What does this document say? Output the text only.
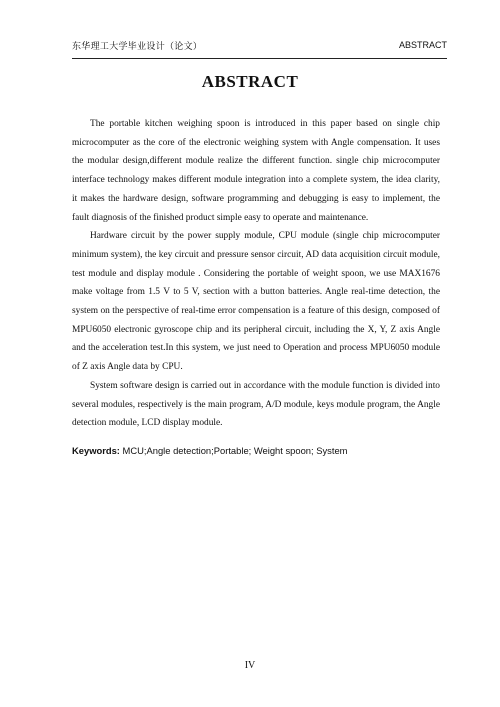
东华理工大学毕业设计（论文）	ABSTRACT
ABSTRACT

The portable kitchen weighing spoon is introduced in this paper based on single chip microcomputer as the core of the electronic weighing system with Angle compensation. It uses the modular design,different module realize the different function. single chip microcomputer interface technology makes different module integration into a complete system, the idea clarity, it makes the hardware design, software programming and debugging is easy to implement, the fault diagnosis of the finished product simple easy to operate and maintenance.

Hardware circuit by the power supply module, CPU module (single chip microcomputer minimum system), the key circuit and pressure sensor circuit, AD data acquisition circuit module, test module and display module . Considering the portable of weight spoon, we use MAX1676 make voltage from 1.5 V to 5 V, section with a button batteries. Angle real-time detection, the system on the perspective of real-time error compensation is a feature of this design, composed of MPU6050 electronic gyroscope chip and its peripheral circuit, including the X, Y, Z axis Angle and the acceleration test.In this system, we just need to Operation and process MPU6050 module of Z axis Angle data by CPU.

System software design is carried out in accordance with the module function is divided into several modules, respectively is the main program, A/D module, keys module program, the Angle detection module, LCD display module.

Keywords: MCU;Angle detection;Portable; Weight spoon; System

IV
